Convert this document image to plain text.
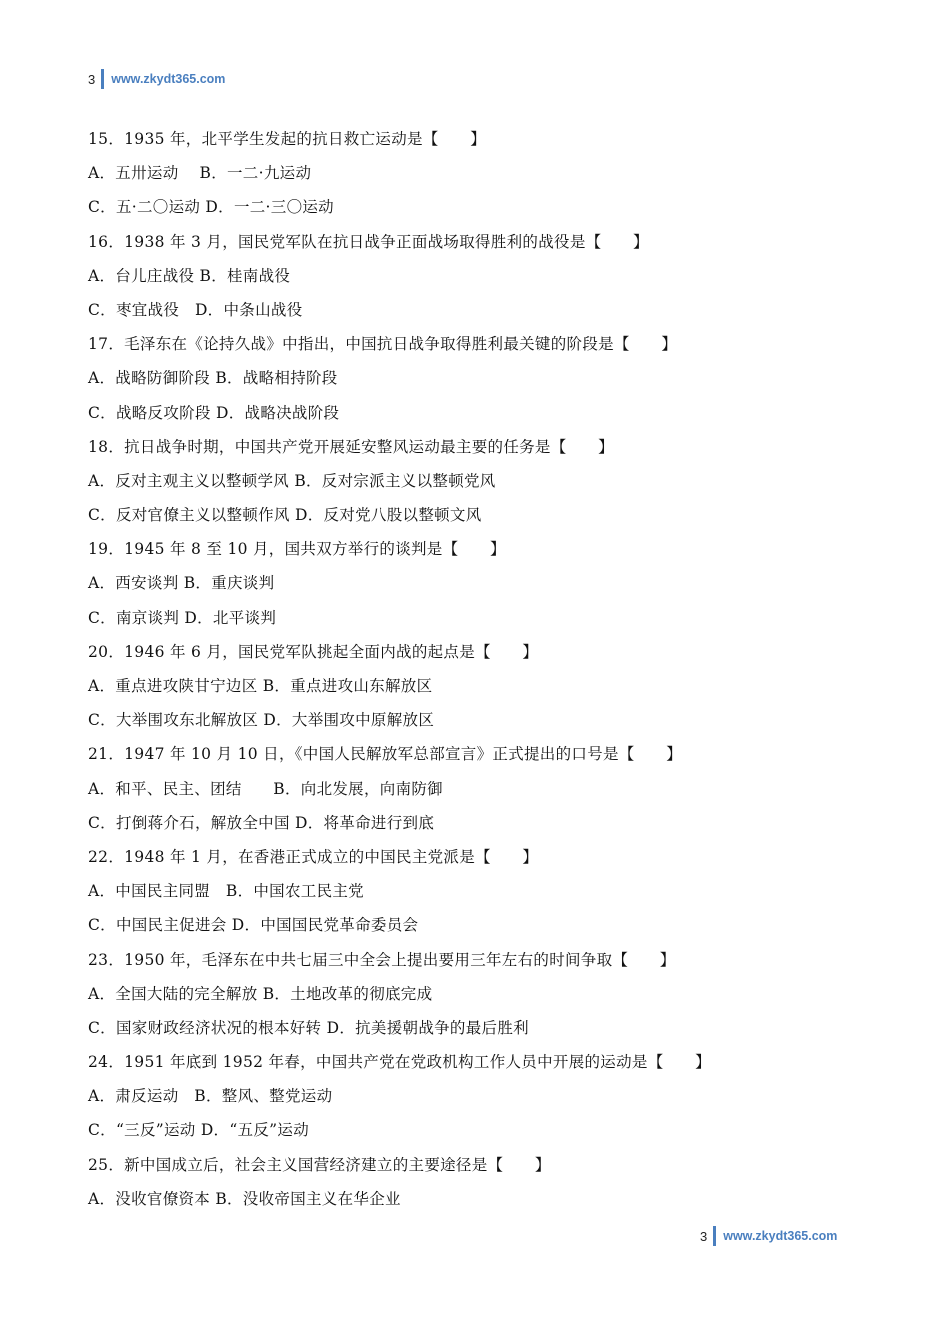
3 www.zkydt365.com
15．1935 年，北平学生发起的抗日救亡运动是【　　】
A．五卅运动　 B．一二·九运动
C．五·二〇运动 D．一二·三〇运动
16．1938 年 3 月，国民党军队在抗日战争正面战场取得胜利的战役是【　　】
A．台儿庄战役 B．桂南战役
C．枣宜战役　D．中条山战役
17．毛泽东在《论持久战》中指出，中国抗日战争取得胜利最关键的阶段是【　　】
A．战略防御阶段 B．战略相持阶段
C．战略反攻阶段 D．战略决战阶段
18．抗日战争时期，中国共产党开展延安整风运动最主要的任务是【　　】
A．反对主观主义以整顿学风 B．反对宗派主义以整顿党风
C．反对官僚主义以整顿作风 D．反对党八股以整顿文风
19．1945 年 8 至 10 月，国共双方举行的谈判是【　　】
A．西安谈判 B．重庆谈判
C．南京谈判 D．北平谈判
20．1946 年 6 月，国民党军队挑起全面内战的起点是【　　】
A．重点进攻陕甘宁边区 B．重点进攻山东解放区
C．大举围攻东北解放区 D．大举围攻中原解放区
21．1947 年 10 月 10 日，《中国人民解放军总部宣言》正式提出的口号是【　　】
A．和平、民主、团结　　B．向北发展，向南防御
C．打倒蒋介石，解放全中国 D．将革命进行到底
22．1948 年 1 月，在香港正式成立的中国民主党派是【　　】
A．中国民主同盟　B．中国农工民主党
C．中国民主促进会 D．中国国民党革命委员会
23．1950 年，毛泽东在中共七届三中全会上提出要用三年左右的时间争取【　　】
A．全国大陆的完全解放 B．土地改革的彻底完成
C．国家财政经济状况的根本好转 D．抗美援朝战争的最后胜利
24．1951 年底到 1952 年春，中国共产党在党政机构工作人员中开展的运动是【　　】
A．肃反运动　B．整风、整党运动
C．“三反”运动 D．“五反”运动
25．新中国成立后，社会主义国营经济建立的主要途径是【　　】
A．没收官僚资本 B．没收帝国主义在华企业
3 www.zkydt365.com
